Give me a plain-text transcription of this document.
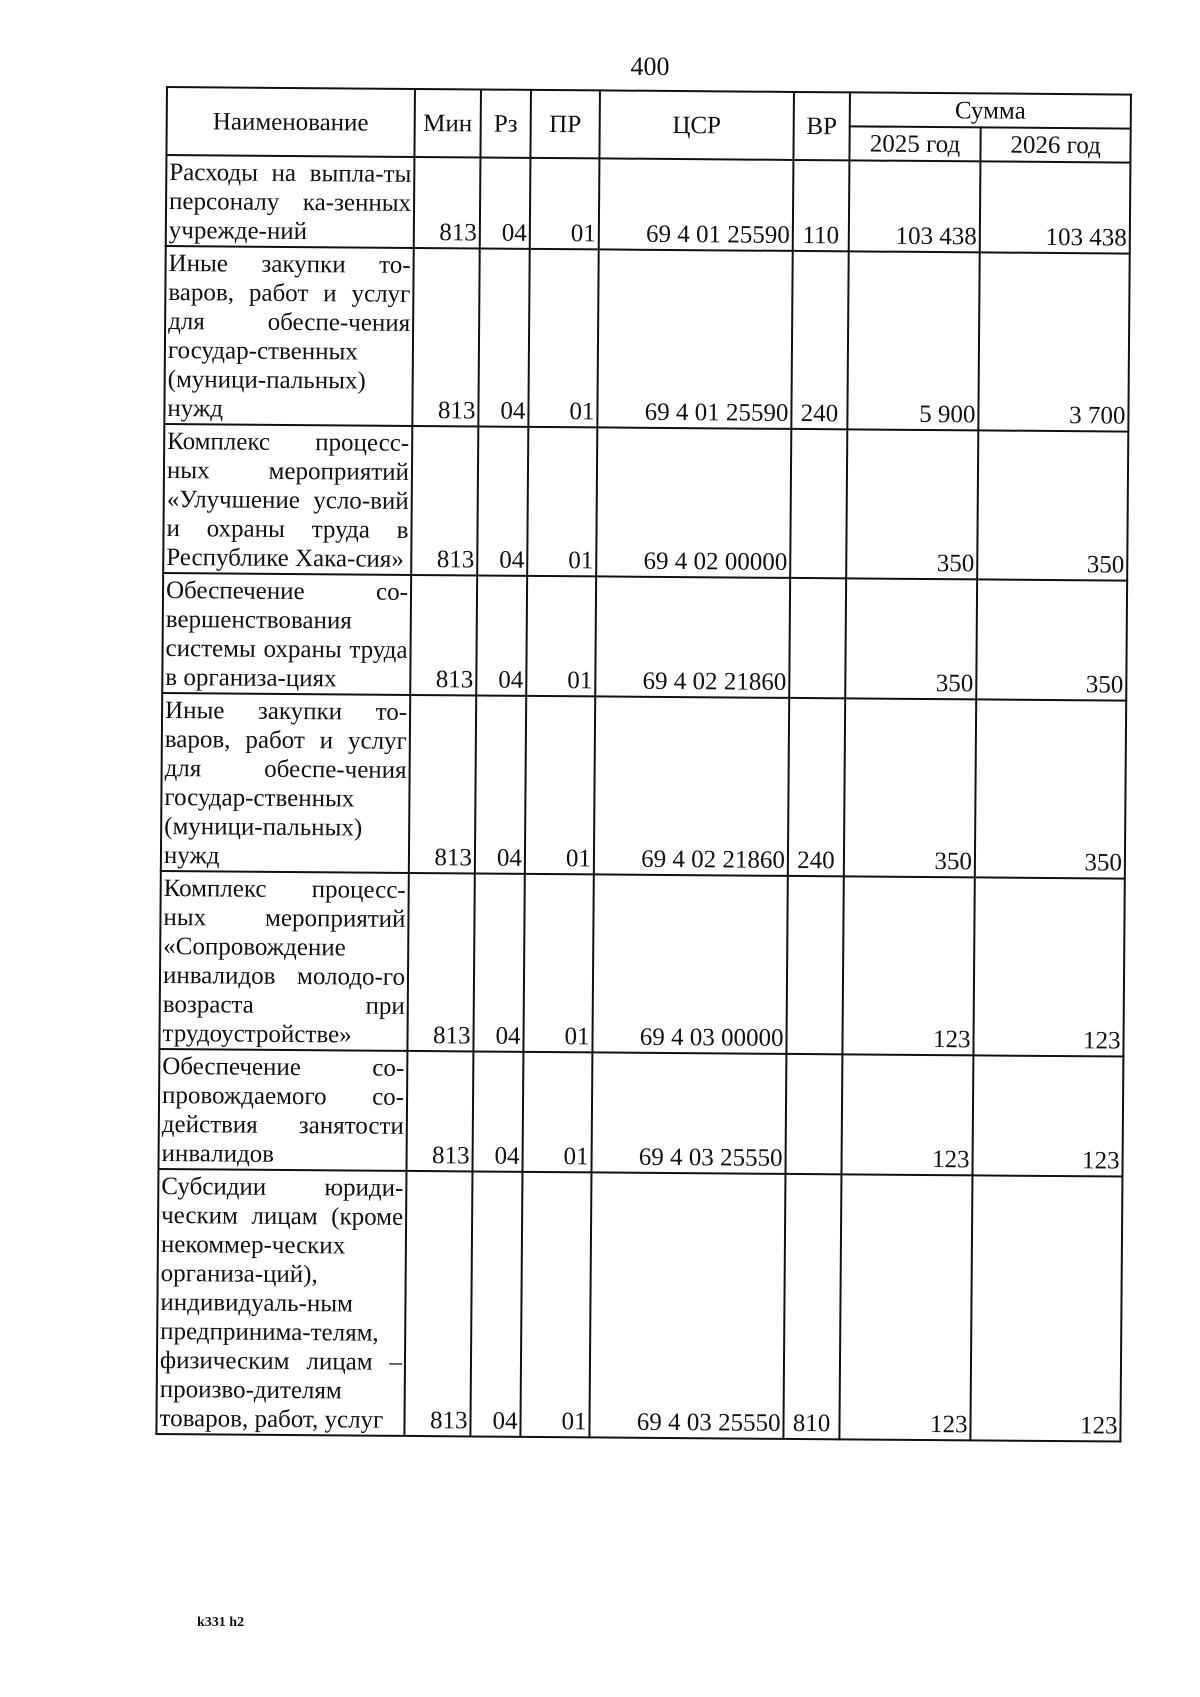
400
Наименование	Мин	Рз	ПР	ЦСР	ВР	Сумма	
						2025 год	2026 год
Расходы на выпла-ты персоналу ка-зенных учрежде-ний	813	04	01	69 4 01 25590	110	103 438	103 438
Иные закупки то-варов, работ и услуг для обеспе-чения государ-ственных (муници-пальных) нужд	813	04	01	69 4 01 25590	240	5 900	3 700
Комплекс процесс-ных мероприятий «Улучшение усло-вий и охраны труда в Республике Хака-сия»	813	04	01	69 4 02 00000		350	350
Обеспечение со-вершенствования системы охраны труда в организа-циях	813	04	01	69 4 02 21860		350	350
Иные закупки то-варов, работ и услуг для обеспе-чения государ-ственных (муници-пальных) нужд	813	04	01	69 4 02 21860	240	350	350
Комплекс процесс-ных мероприятий «Сопровождение инвалидов молодо-го возраста при трудоустройстве»	813	04	01	69 4 03 00000		123	123
Обеспечение со-провождаемого со-действия занятости инвалидов	813	04	01	69 4 03 25550		123	123
Субсидии юриди-ческим лицам (кроме некоммер-ческих организа-ций), индивидуаль-ным предпринима-телям, физическим лицам – произво-дителям товаров, работ, услуг	813	04	01	69 4 03 25550	810	123	123
k331 h2
